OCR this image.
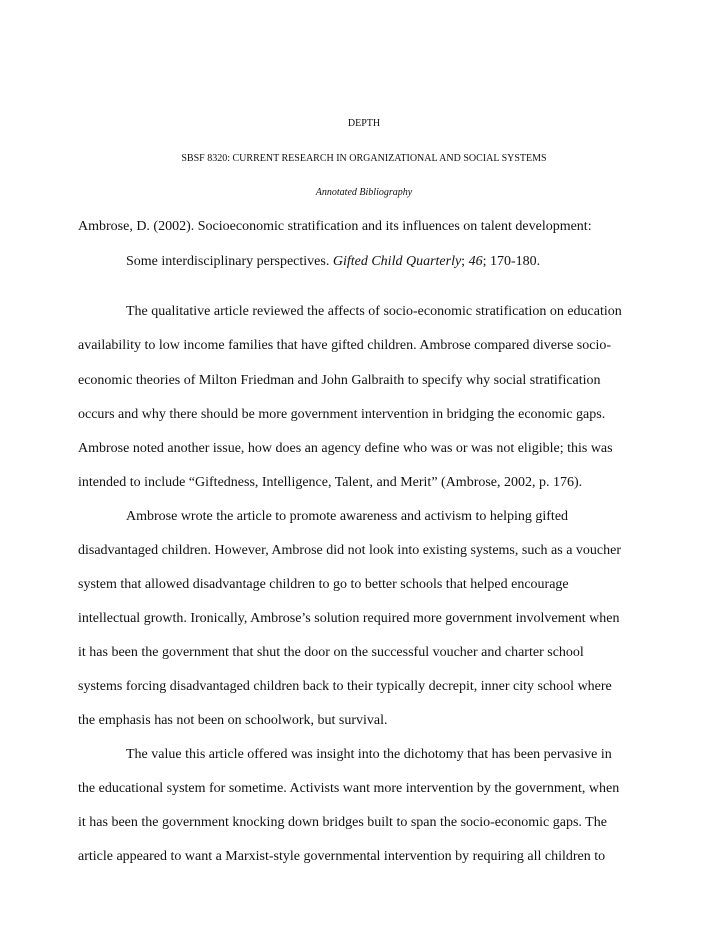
DEPTH
SBSF 8320: CURRENT RESEARCH IN ORGANIZATIONAL AND SOCIAL SYSTEMS
Annotated Bibliography
Ambrose, D. (2002). Socioeconomic stratification and its influences on talent development:
Some interdisciplinary perspectives. Gifted Child Quarterly; 46; 170-180.
The qualitative article reviewed the affects of socio-economic stratification on education
availability to low income families that have gifted children. Ambrose compared diverse socio-
economic theories of Milton Friedman and John Galbraith to specify why social stratification
occurs and why there should be more government intervention in bridging the economic gaps.
Ambrose noted another issue, how does an agency define who was or was not eligible; this was
intended to include “Giftedness, Intelligence, Talent, and Merit” (Ambrose, 2002, p. 176).
Ambrose wrote the article to promote awareness and activism to helping gifted
disadvantaged children. However, Ambrose did not look into existing systems, such as a voucher
system that allowed disadvantage children to go to better schools that helped encourage
intellectual growth. Ironically, Ambrose’s solution required more government involvement when
it has been the government that shut the door on the successful voucher and charter school
systems forcing disadvantaged children back to their typically decrepit, inner city school where
the emphasis has not been on schoolwork, but survival.
The value this article offered was insight into the dichotomy that has been pervasive in
the educational system for sometime. Activists want more intervention by the government, when
it has been the government knocking down bridges built to span the socio-economic gaps. The
article appeared to want a Marxist-style governmental intervention by requiring all children to
